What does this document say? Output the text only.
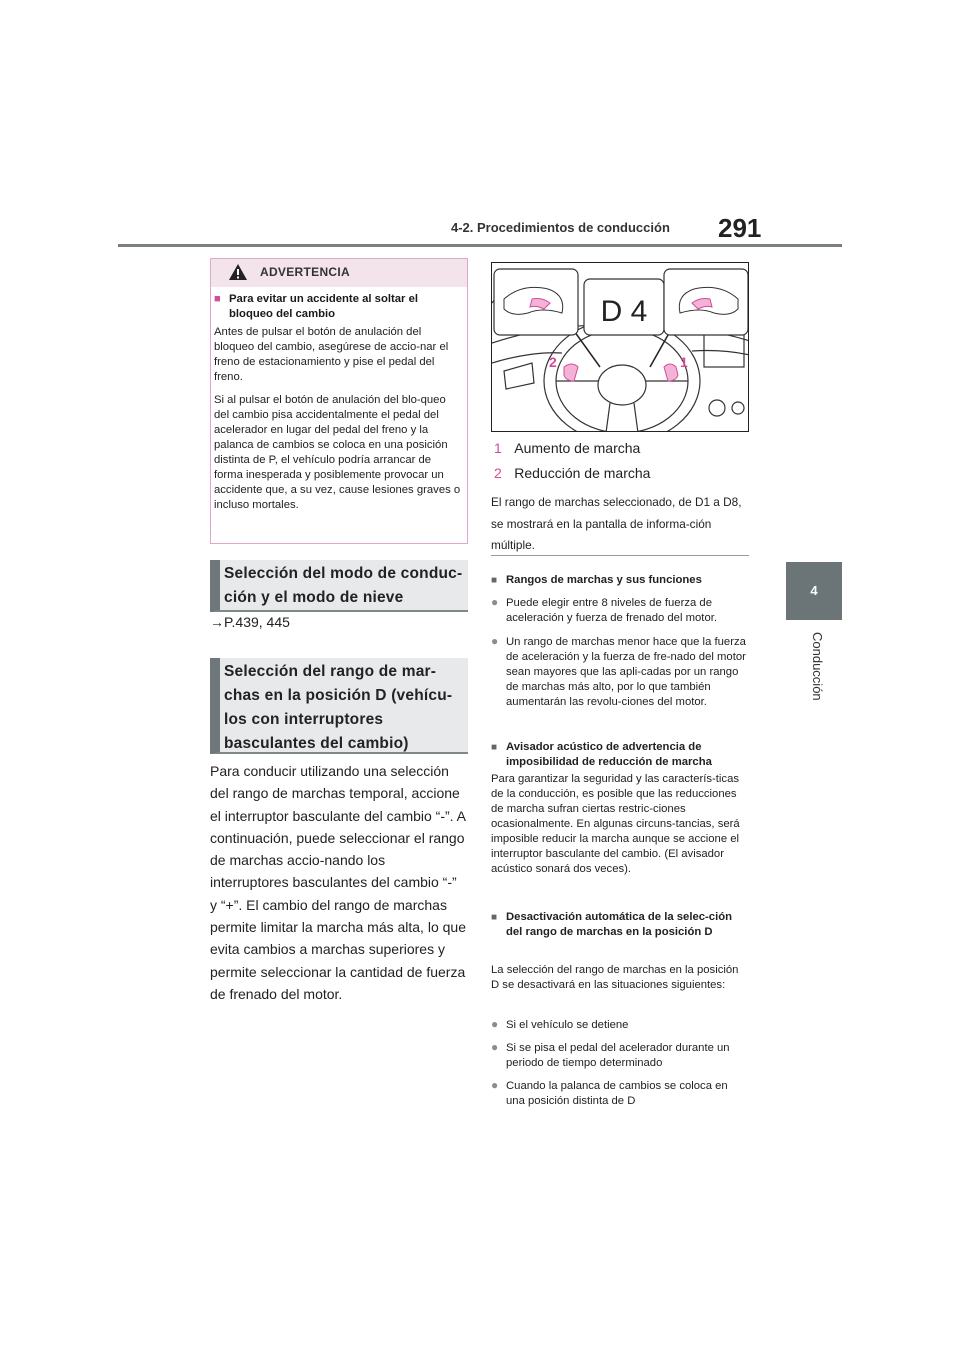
4-2. Procedimientos de conducción 291
4
Conducción
ADVERTENCIA
■ Para evitar un accidente al soltar el bloqueo del cambio
Antes de pulsar el botón de anulación del bloqueo del cambio, asegúrese de accio-nar el freno de estacionamiento y pise el pedal del freno.
Si al pulsar el botón de anulación del blo-queo del cambio pisa accidentalmente el pedal del acelerador en lugar del pedal del freno y la palanca de cambios se coloca en una posición distinta de P, el vehículo podría arrancar de forma inesperada y posiblemente provocar un accidente que, a su vez, cause lesiones graves o incluso mortales.
Selección del modo de conduc-ción y el modo de nieve
→P.439, 445
Selección del rango de mar-chas en la posición D (vehícu-los con interruptores basculantes del cambio)
Para conducir utilizando una selección del rango de marchas temporal, accione el interruptor basculante del cambio “-”. A continuación, puede seleccionar el rango de marchas accio-nando los interruptores basculantes del cambio “-” y “+”. El cambio del rango de marchas permite limitar la marcha más alta, lo que evita cambios a marchas superiores y permite seleccionar la cantidad de fuerza de frenado del motor.
D 4
2	1
1 Aumento de marcha
2 Reducción de marcha
El rango de marchas seleccionado, de D1 a D8, se mostrará en la pantalla de informa-ción múltiple.
■ Rangos de marchas y sus funciones
● Puede elegir entre 8 niveles de fuerza de aceleración y fuerza de frenado del motor.
● Un rango de marchas menor hace que la fuerza de aceleración y la fuerza de fre-nado del motor sean mayores que las apli-cadas por un rango de marchas más alto, por lo que también aumentarán las revolu-ciones del motor.
■ Avisador acústico de advertencia de imposibilidad de reducción de marcha
Para garantizar la seguridad y las caracterís-ticas de la conducción, es posible que las reducciones de marcha sufran ciertas restric-ciones ocasionalmente. En algunas circuns-tancias, será imposible reducir la marcha aunque se accione el interruptor basculante del cambio. (El avisador acústico sonará dos veces).
■ Desactivación automática de la selec-ción del rango de marchas en la posición D
La selección del rango de marchas en la posición D se desactivará en las situaciones siguientes:
● Si el vehículo se detiene
● Si se pisa el pedal del acelerador durante un periodo de tiempo determinado
● Cuando la palanca de cambios se coloca en una posición distinta de D
